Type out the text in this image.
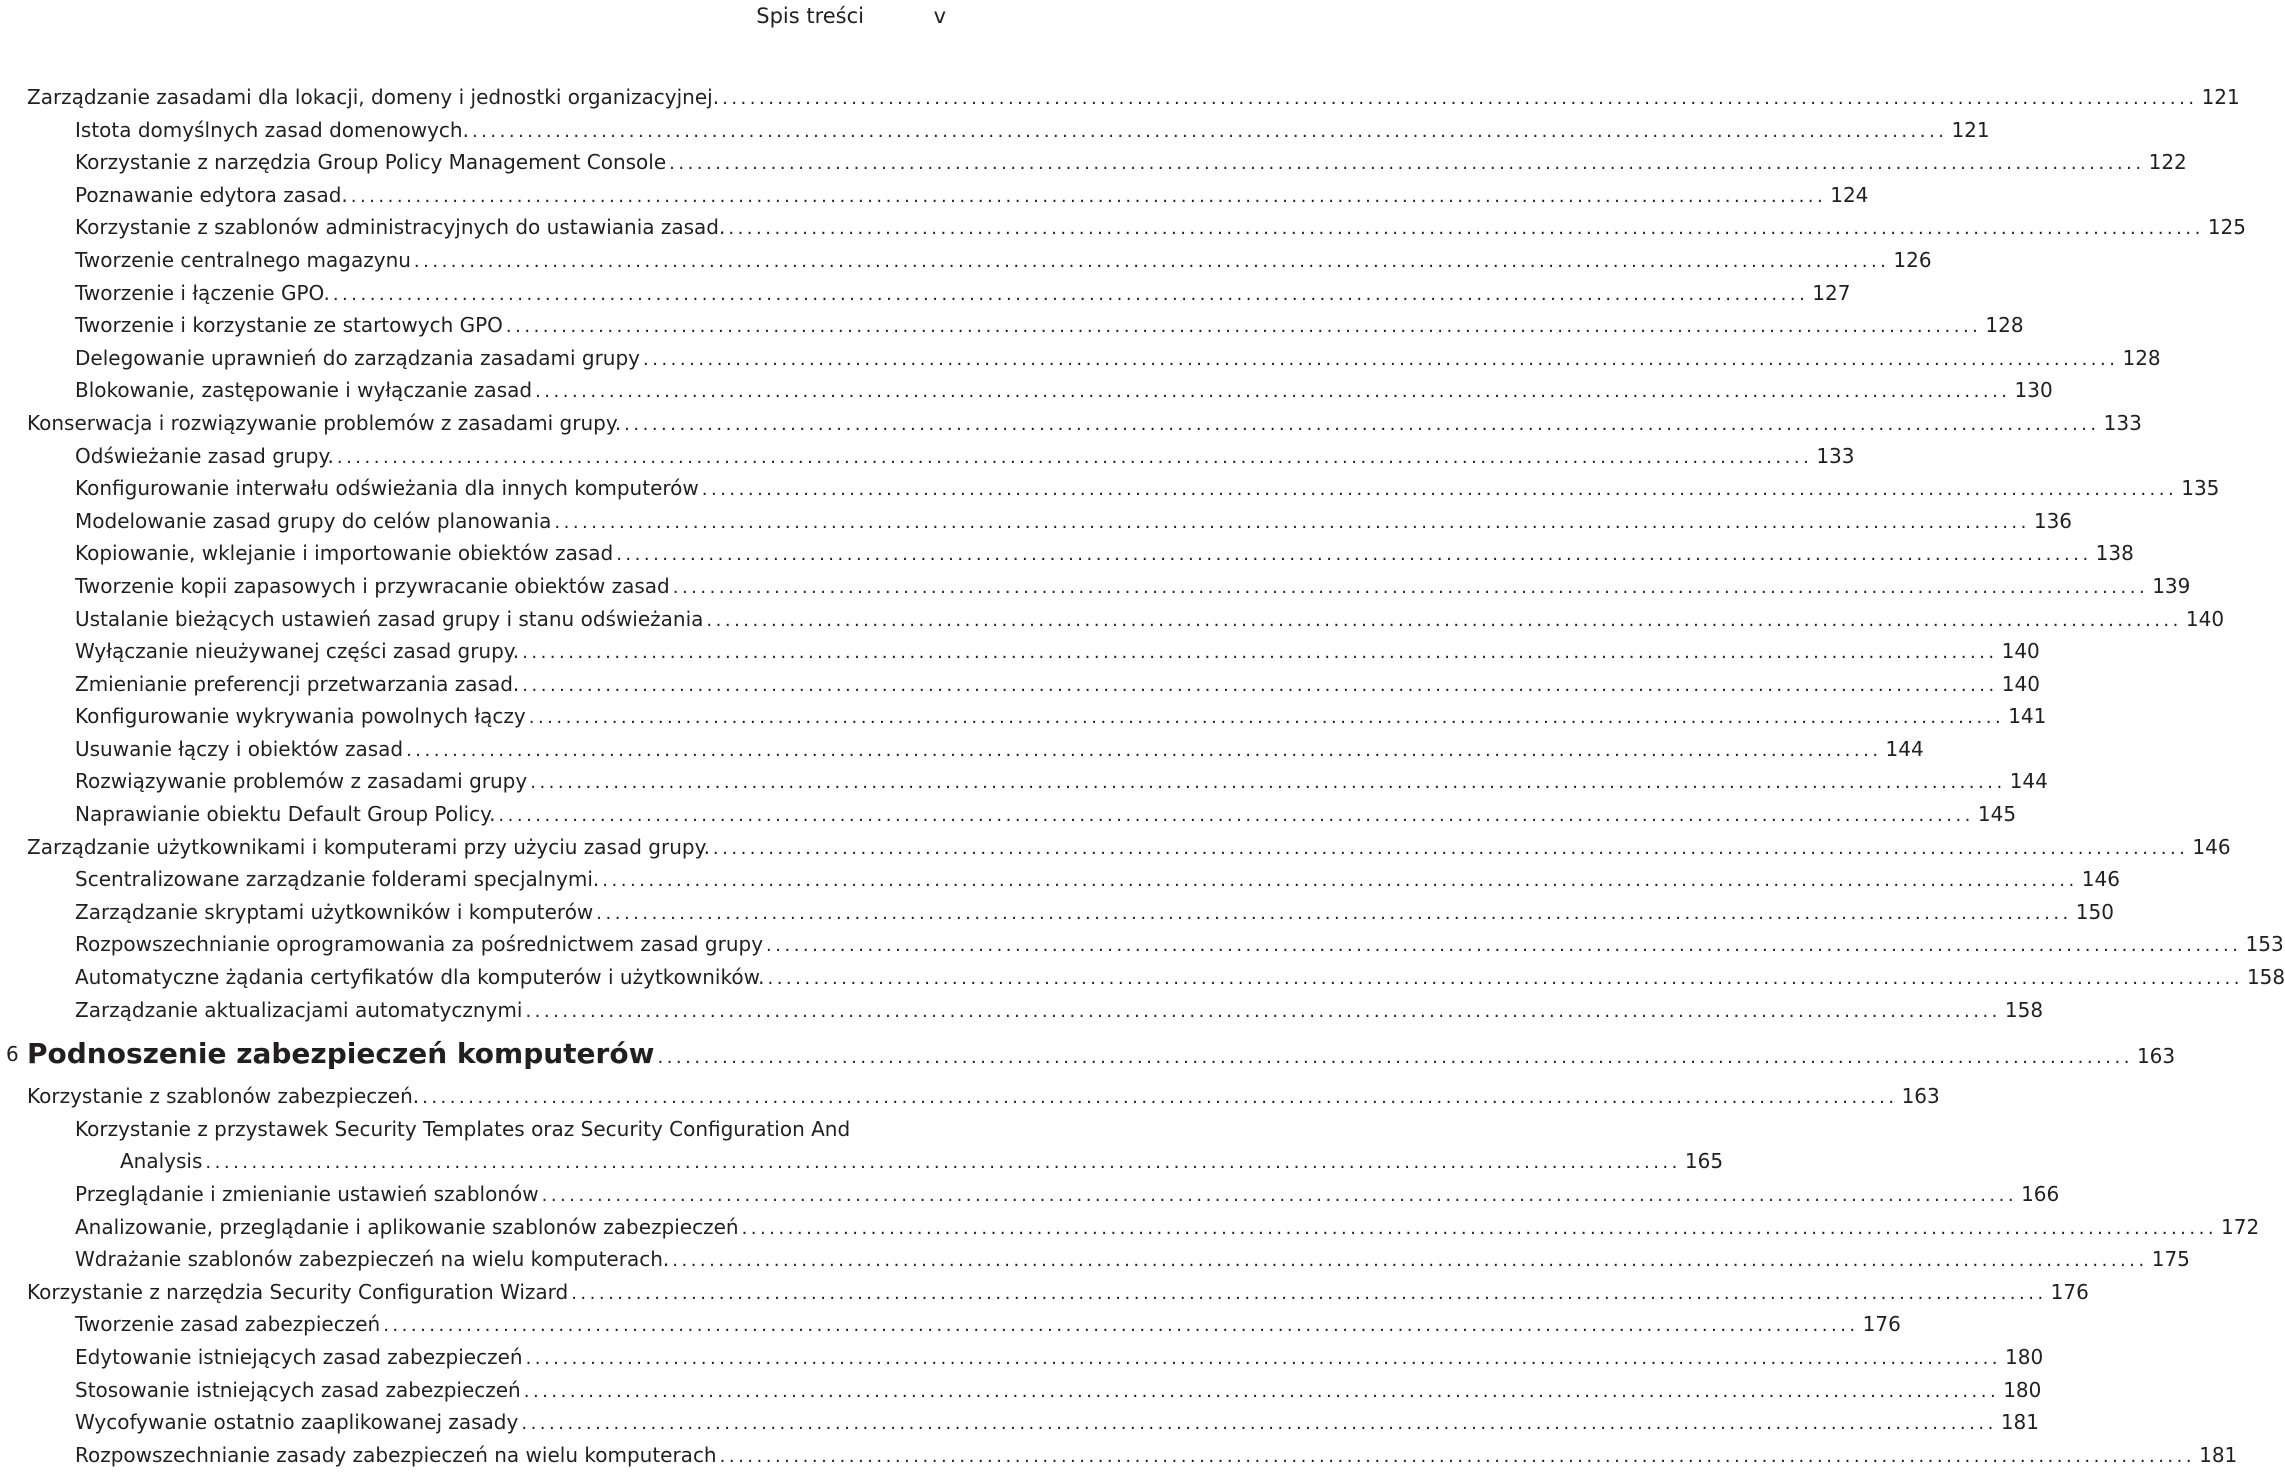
Spis treści	v
Zarządzanie zasadami dla lokacji, domeny i jednostki organizacyjnej. ................................................................................................................................................................ 121
Istota domyślnych zasad domenowych. ................................................................................................................................................................ 121
Korzystanie z narzędzia Group Policy Management Console ................................................................................................................................................................ 122
Poznawanie edytora zasad. ................................................................................................................................................................ 124
Korzystanie z szablonów administracyjnych do ustawiania zasad. ................................................................................................................................................................ 125
Tworzenie centralnego magazynu ................................................................................................................................................................ 126
Tworzenie i łączenie GPO. ................................................................................................................................................................ 127
Tworzenie i korzystanie ze startowych GPO ................................................................................................................................................................ 128
Delegowanie uprawnień do zarządzania zasadami grupy ................................................................................................................................................................ 128
Blokowanie, zastępowanie i wyłączanie zasad ................................................................................................................................................................ 130
Konserwacja i rozwiązywanie problemów z zasadami grupy. ................................................................................................................................................................ 133
Odświeżanie zasad grupy. ................................................................................................................................................................ 133
Konfigurowanie interwału odświeżania dla innych komputerów ................................................................................................................................................................ 135
Modelowanie zasad grupy do celów planowania ................................................................................................................................................................ 136
Kopiowanie, wklejanie i importowanie obiektów zasad ................................................................................................................................................................ 138
Tworzenie kopii zapasowych i przywracanie obiektów zasad ................................................................................................................................................................ 139
Ustalanie bieżących ustawień zasad grupy i stanu odświeżania ................................................................................................................................................................ 140
Wyłączanie nieużywanej części zasad grupy. ................................................................................................................................................................ 140
Zmienianie preferencji przetwarzania zasad. ................................................................................................................................................................ 140
Konfigurowanie wykrywania powolnych łączy ................................................................................................................................................................ 141
Usuwanie łączy i obiektów zasad ................................................................................................................................................................ 144
Rozwiązywanie problemów z zasadami grupy ................................................................................................................................................................ 144
Naprawianie obiektu Default Group Policy. ................................................................................................................................................................ 145
Zarządzanie użytkownikami i komputerami przy użyciu zasad grupy. ................................................................................................................................................................ 146
Scentralizowane zarządzanie folderami specjalnymi. ................................................................................................................................................................ 146
Zarządzanie skryptami użytkowników i komputerów ................................................................................................................................................................ 150
Rozpowszechnianie oprogramowania za pośrednictwem zasad grupy ................................................................................................................................................................ 153
Automatyczne żądania certyfikatów dla komputerów i użytkowników. ................................................................................................................................................................ 158
Zarządzanie aktualizacjami automatycznymi ................................................................................................................................................................ 158
6 Podnoszenie zabezpieczeń komputerów ................................................................................................................................................................ 163
Korzystanie z szablonów zabezpieczeń. ................................................................................................................................................................ 163
Korzystanie z przystawek Security Templates oraz Security Configuration And
Analysis ................................................................................................................................................................ 165
Przeglądanie i zmienianie ustawień szablonów ................................................................................................................................................................ 166
Analizowanie, przeglądanie i aplikowanie szablonów zabezpieczeń ................................................................................................................................................................ 172
Wdrażanie szablonów zabezpieczeń na wielu komputerach. ................................................................................................................................................................ 175
Korzystanie z narzędzia Security Configuration Wizard ................................................................................................................................................................ 176
Tworzenie zasad zabezpieczeń ................................................................................................................................................................ 176
Edytowanie istniejących zasad zabezpieczeń ................................................................................................................................................................ 180
Stosowanie istniejących zasad zabezpieczeń ................................................................................................................................................................ 180
Wycofywanie ostatnio zaaplikowanej zasady ................................................................................................................................................................ 181
Rozpowszechnianie zasady zabezpieczeń na wielu komputerach ................................................................................................................................................................ 181
